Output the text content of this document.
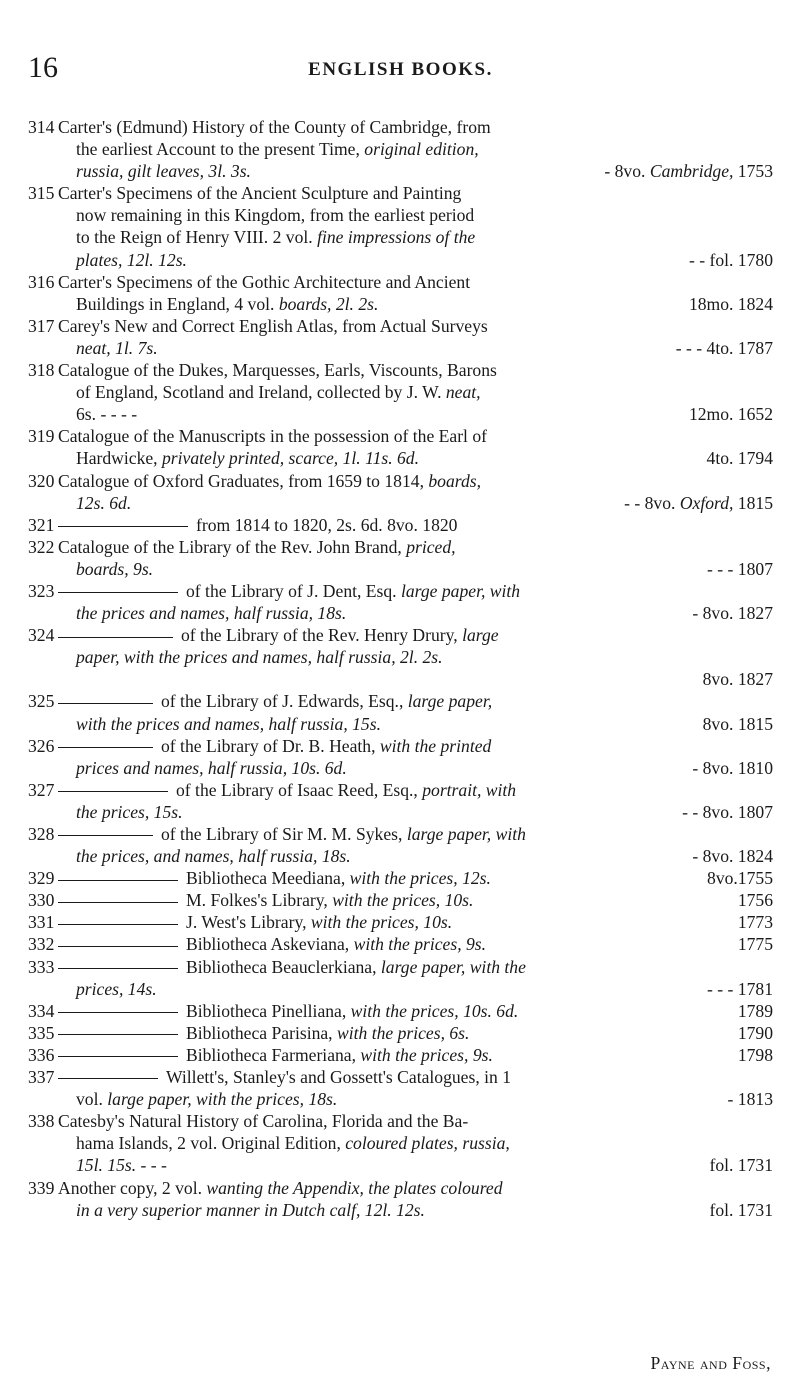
16	ENGLISH BOOKS.
314 Carter's (Edmund) History of the County of Cambridge, from
the earliest Account to the present Time, original edition,
russia, gilt leaves, 3l. 3s.	- 8vo. Cambridge, 1753
315 Carter's Specimens of the Ancient Sculpture and Painting
now remaining in this Kingdom, from the earliest period
to the Reign of Henry VIII. 2 vol. fine impressions of the
plates, 12l. 12s.	- - fol. 1780
316 Carter's Specimens of the Gothic Architecture and Ancient
Buildings in England, 4 vol. boards, 2l. 2s.	18mo. 1824
317 Carey's New and Correct English Atlas, from Actual Surveys
neat, 1l. 7s.	- - - 4to. 1787
318 Catalogue of the Dukes, Marquesses, Earls, Viscounts, Barons
of England, Scotland and Ireland, collected by J. W. neat,
6s. - - - -	12mo. 1652
319 Catalogue of the Manuscripts in the possession of the Earl of
Hardwicke, privately printed, scarce, 1l. 11s. 6d.	4to. 1794
320 Catalogue of Oxford Graduates, from 1659 to 1814, boards,
12s. 6d.	- - 8vo. Oxford, 1815
321	from 1814 to 1820, 2s. 6d. 8vo. 1820
322 Catalogue of the Library of the Rev. John Brand, priced,
boards, 9s.	- - - 1807
323	of the Library of J. Dent, Esq. large paper, with
the prices and names, half russia, 18s.	- 8vo. 1827
324	of the Library of the Rev. Henry Drury, large
paper, with the prices and names, half russia, 2l. 2s.
8vo. 1827
325	of the Library of J. Edwards, Esq., large paper,
with the prices and names, half russia, 15s.	8vo. 1815
326	of the Library of Dr. B. Heath, with the printed
prices and names, half russia, 10s. 6d.	- 8vo. 1810
327	of the Library of Isaac Reed, Esq., portrait, with
the prices, 15s.	- - 8vo. 1807
328	of the Library of Sir M. M. Sykes, large paper, with
the prices, and names, half russia, 18s.	- 8vo. 1824
329	Bibliotheca Meediana, with the prices, 12s.	8vo.1755
330	M. Folkes's Library, with the prices, 10s.	1756
331	J. West's Library, with the prices, 10s.	1773
332	Bibliotheca Askeviana, with the prices, 9s.	1775
333	Bibliotheca Beauclerkiana, large paper, with the
prices, 14s.	- - - 1781
334	Bibliotheca Pinelliana, with the prices, 10s. 6d.	1789
335	Bibliotheca Parisina, with the prices, 6s.	1790
336	Bibliotheca Farmeriana, with the prices, 9s.	1798
337	Willett's, Stanley's and Gossett's Catalogues, in 1
vol. large paper, with the prices, 18s.	- 1813
338 Catesby's Natural History of Carolina, Florida and the Ba-
hama Islands, 2 vol. Original Edition, coloured plates, russia,
15l. 15s. - - -	fol. 1731
339 Another copy, 2 vol. wanting the Appendix, the plates coloured
in a very superior manner in Dutch calf, 12l. 12s.	fol. 1731
Payne and Foss,
